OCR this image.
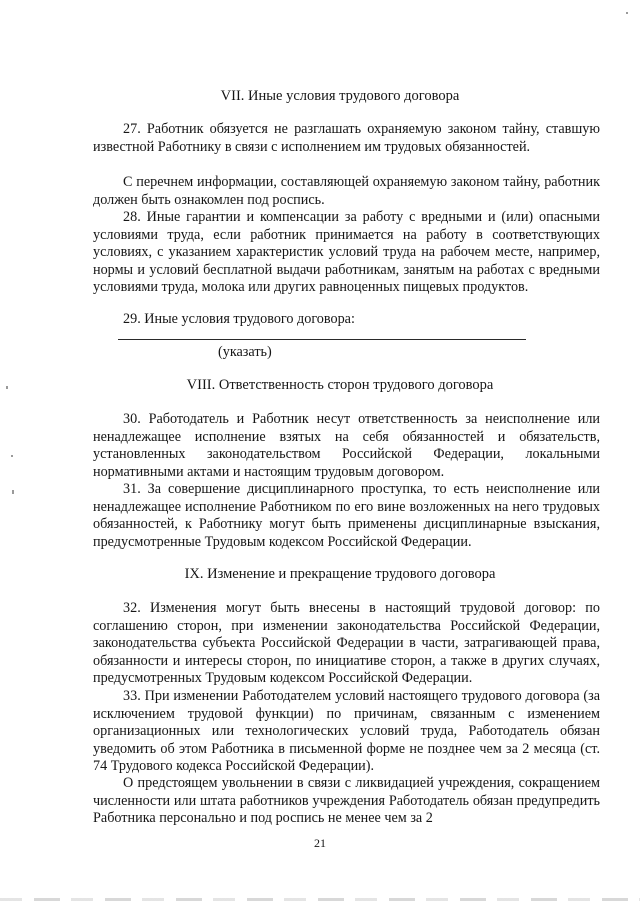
VII. Иные условия трудового договора

27. Работник обязуется не разглашать охраняемую законом тайну, ставшую известной Работнику в связи с исполнением им трудовых обязанностей.

С перечнем информации, составляющей охраняемую законом тайну, работник должен быть ознакомлен под роспись.

28. Иные гарантии и компенсации за работу с вредными и (или) опасными условиями труда, если работник принимается на работу в соответствующих условиях, с указанием характеристик условий труда на рабочем месте, например, нормы и условий бесплатной выдачи работникам, занятым на работах с вредными условиями труда, молока или других равноценных пищевых продуктов.

29. Иные условия трудового договора:

(указать)
VIII. Ответственность сторон трудового договора

30. Работодатель и Работник несут ответственность за неисполнение или ненадлежащее исполнение взятых на себя обязанностей и обязательств, установленных законодательством Российской Федерации, локальными нормативными актами и настоящим трудовым договором.

31. За совершение дисциплинарного проступка, то есть неисполнение или ненадлежащее исполнение Работником по его вине возложенных на него трудовых обязанностей, к Работнику могут быть применены дисциплинарные взыскания, предусмотренные Трудовым кодексом Российской Федерации.

IX. Изменение и прекращение трудового договора

32. Изменения могут быть внесены в настоящий трудовой договор: по соглашению сторон, при изменении законодательства Российской Федерации, законодательства субъекта Российской Федерации в части, затрагивающей права, обязанности и интересы сторон, по инициативе сторон, а также в других случаях, предусмотренных Трудовым кодексом Российской Федерации.

33. При изменении Работодателем условий настоящего трудового договора (за исключением трудовой функции) по причинам, связанным с изменением организационных или технологических условий труда, Работодатель обязан уведомить об этом Работника в письменной форме не позднее чем за 2 месяца (ст. 74 Трудового кодекса Российской Федерации).

О предстоящем увольнении в связи с ликвидацией учреждения, сокращением численности или штата работников учреждения Работодатель обязан предупредить Работника персонально и под роспись не менее чем за 2

21
